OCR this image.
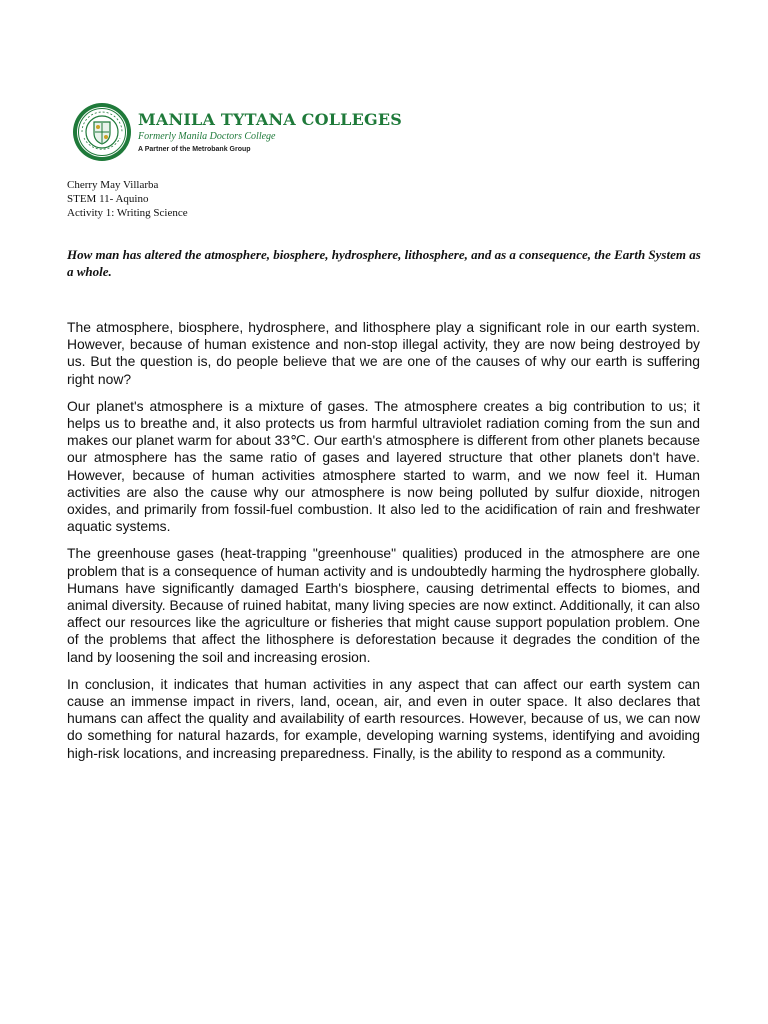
MANILA TYTANA COLLEGES
Formerly Manila Doctors College
A Partner of the Metrobank Group
Cherry May Villarba
STEM 11- Aquino
Activity 1: Writing Science
How man has altered the atmosphere, biosphere, hydrosphere, lithosphere, and as a consequence, the Earth System as a whole.

The atmosphere, biosphere, hydrosphere, and lithosphere play a significant role in our earth system. However, because of human existence and non-stop illegal activity, they are now being destroyed by us. But the question is, do people believe that we are one of the causes of why our earth is suffering right now?

Our planet's atmosphere is a mixture of gases. The atmosphere creates a big contribution to us; it helps us to breathe and, it also protects us from harmful ultraviolet radiation coming from the sun and makes our planet warm for about 33℃. Our earth's atmosphere is different from other planets because our atmosphere has the same ratio of gases and layered structure that other planets don't have. However, because of human activities atmosphere started to warm, and we now feel it. Human activities are also the cause why our atmosphere is now being polluted by sulfur dioxide, nitrogen oxides, and primarily from fossil-fuel combustion. It also led to the acidification of rain and freshwater aquatic systems.

The greenhouse gases (heat-trapping "greenhouse" qualities) produced in the atmosphere are one problem that is a consequence of human activity and is undoubtedly harming the hydrosphere globally. Humans have significantly damaged Earth's biosphere, causing detrimental effects to biomes, and animal diversity. Because of ruined habitat, many living species are now extinct. Additionally, it can also affect our resources like the agriculture or fisheries that might cause support population problem. One of the problems that affect the lithosphere is deforestation because it degrades the condition of the land by loosening the soil and increasing erosion.

In conclusion, it indicates that human activities in any aspect that can affect our earth system can cause an immense impact in rivers, land, ocean, air, and even in outer space. It also declares that humans can affect the quality and availability of earth resources. However, because of us, we can now do something for natural hazards, for example, developing warning systems, identifying and avoiding high-risk locations, and increasing preparedness. Finally, is the ability to respond as a community.
